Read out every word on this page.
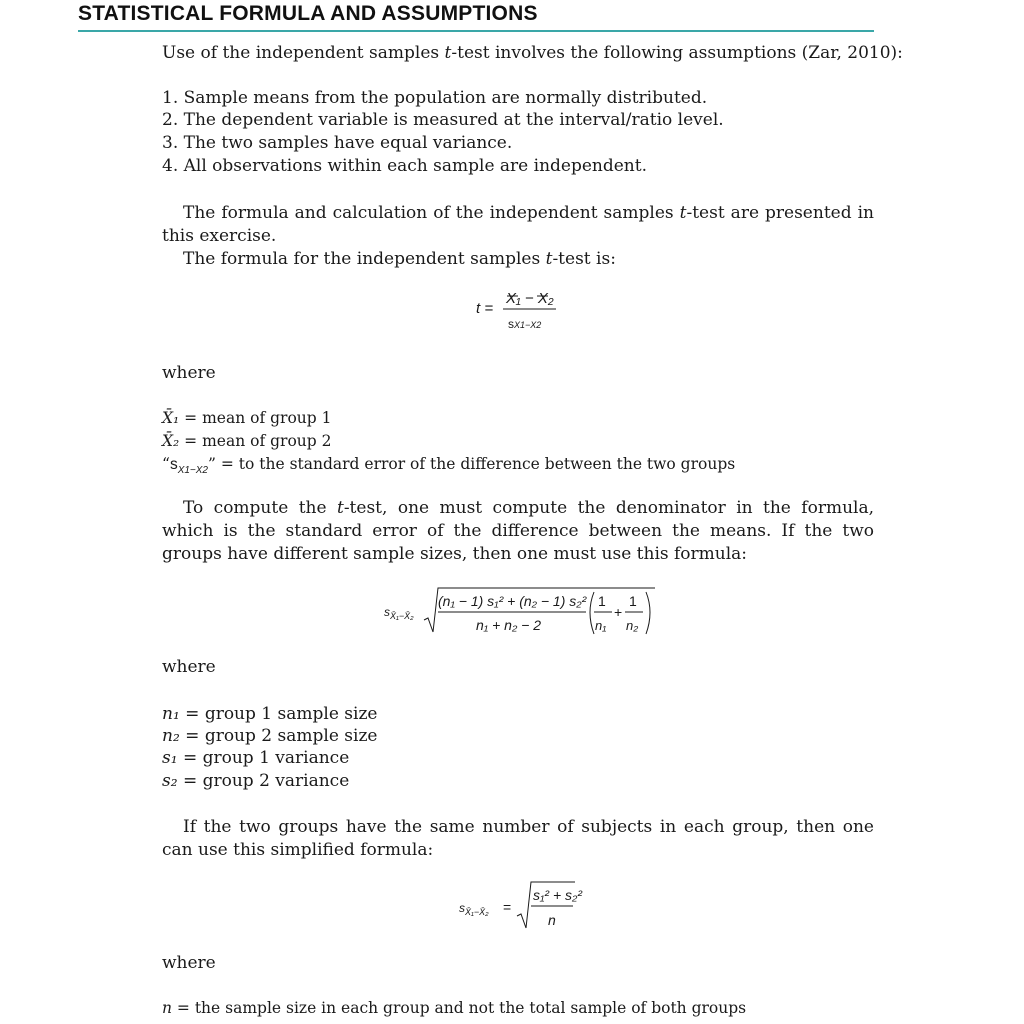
STATISTICAL FORMULA AND ASSUMPTIONS
Use of the independent samples t-test involves the following assumptions (Zar, 2010):
1. Sample means from the population are normally distributed.
2. The dependent variable is measured at the interval/ratio level.
3. The two samples have equal variance.
4. All observations within each sample are independent.
The formula and calculation of the independent samples t-test are presented in this exercise.
The formula for the independent samples t-test is:
t =
X₁ − X₂
sX1−X2
where
X̄₁ = mean of group 1
X̄₂ = mean of group 2
“$s_{X1-X2}$” = to the standard error of the difference between the two groups
To compute the t-test, one must compute the denominator in the formula, which is the standard error of the difference between the means. If the two groups have different sample sizes, then one must use this formula:
$s_{X̄_1-X̄_2}$
(n₁ − 1) s₁² + (n₂ − 1) s₂²
n₁ + n₂ − 2
1
n₁
+
1
n₂
where
n₁ = group 1 sample size
n₂ = group 2 sample size
s₁ = group 1 variance
s₂ = group 2 variance
If the two groups have the same number of subjects in each group, then one can use this simplified formula:
$s_{X̄_1-X̄_2}$ =
s₁² + s₂²
n
where
n = the sample size in each group and not the total sample of both groups
